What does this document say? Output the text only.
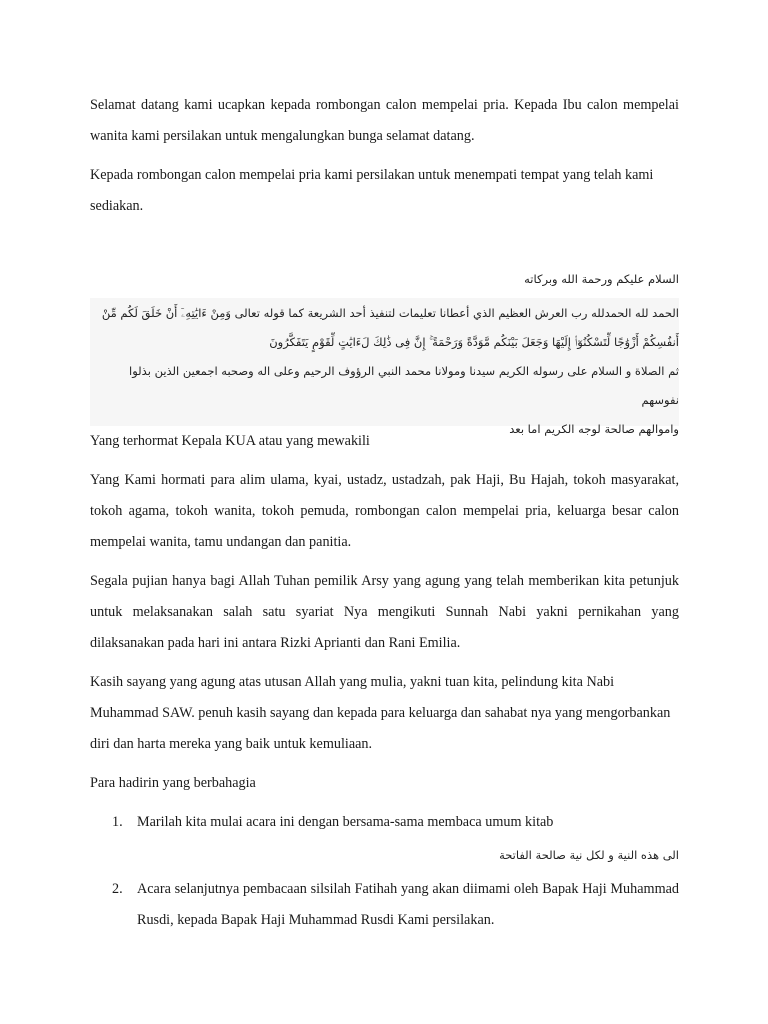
Selamat datang kami ucapkan kepada rombongan calon mempelai pria. Kepada Ibu calon mempelai wanita kami persilakan untuk mengalungkan bunga selamat datang.

Kepada rombongan calon mempelai pria kami persilakan untuk menempati tempat yang telah kami sediakan.

السلام عليكم ورحمة الله وبركاته

الحمد لله الحمدلله رب العرش العظيم الذي أعطانا تعليمات لتنفيذ أحد الشريعة كما قوله تعالى وَمِنْ ءَايَٰتِهِۦٓ أَنْ خَلَقَ لَكُم مِّنْ

أَنفُسِكُمْ أَزْوَٰجًا لِّتَسْكُنُوٓا۟ إِلَيْهَا وَجَعَلَ بَيْنَكُم مَّوَدَّةً وَرَحْمَةً ۚ إِنَّ فِى ذَٰلِكَ لَءَايَٰتٍ لِّقَوْمٍ يَتَفَكَّرُونَ

ثم الصلاة و السلام على رسوله الكريم سيدنا ومولانا محمد النبي الرؤوف الرحيم وعلى اله وصحبه اجمعين الذين بذلوا نفوسهم

واموالهم صالحة لوجه الكريم اما بعد

Yang terhormat Kepala KUA atau yang mewakili

Yang Kami hormati para alim ulama, kyai, ustadz, ustadzah, pak Haji, Bu Hajah, tokoh masyarakat, tokoh agama, tokoh wanita, tokoh pemuda, rombongan calon mempelai pria, keluarga besar calon mempelai wanita, tamu undangan dan panitia.

Segala pujian hanya bagi Allah Tuhan pemilik Arsy yang agung yang telah memberikan kita petunjuk untuk melaksanakan salah satu syariat Nya mengikuti Sunnah Nabi yakni pernikahan yang dilaksanakan pada hari ini antara Rizki Aprianti dan Rani Emilia.

Kasih sayang yang agung atas utusan Allah yang mulia, yakni tuan kita, pelindung kita Nabi Muhammad SAW. penuh kasih sayang dan kepada para keluarga dan sahabat nya yang mengorbankan diri dan harta mereka yang baik untuk kemuliaan.

Para hadirin yang berbahagia

1. Marilah kita mulai acara ini dengan bersama-sama membaca umum kitab

الى هذه النية و لكل نية صالحة الفاتحة

2. Acara selanjutnya pembacaan silsilah Fatihah yang akan diimami oleh Bapak Haji Muhammad Rusdi, kepada Bapak Haji Muhammad Rusdi Kami persilakan.
